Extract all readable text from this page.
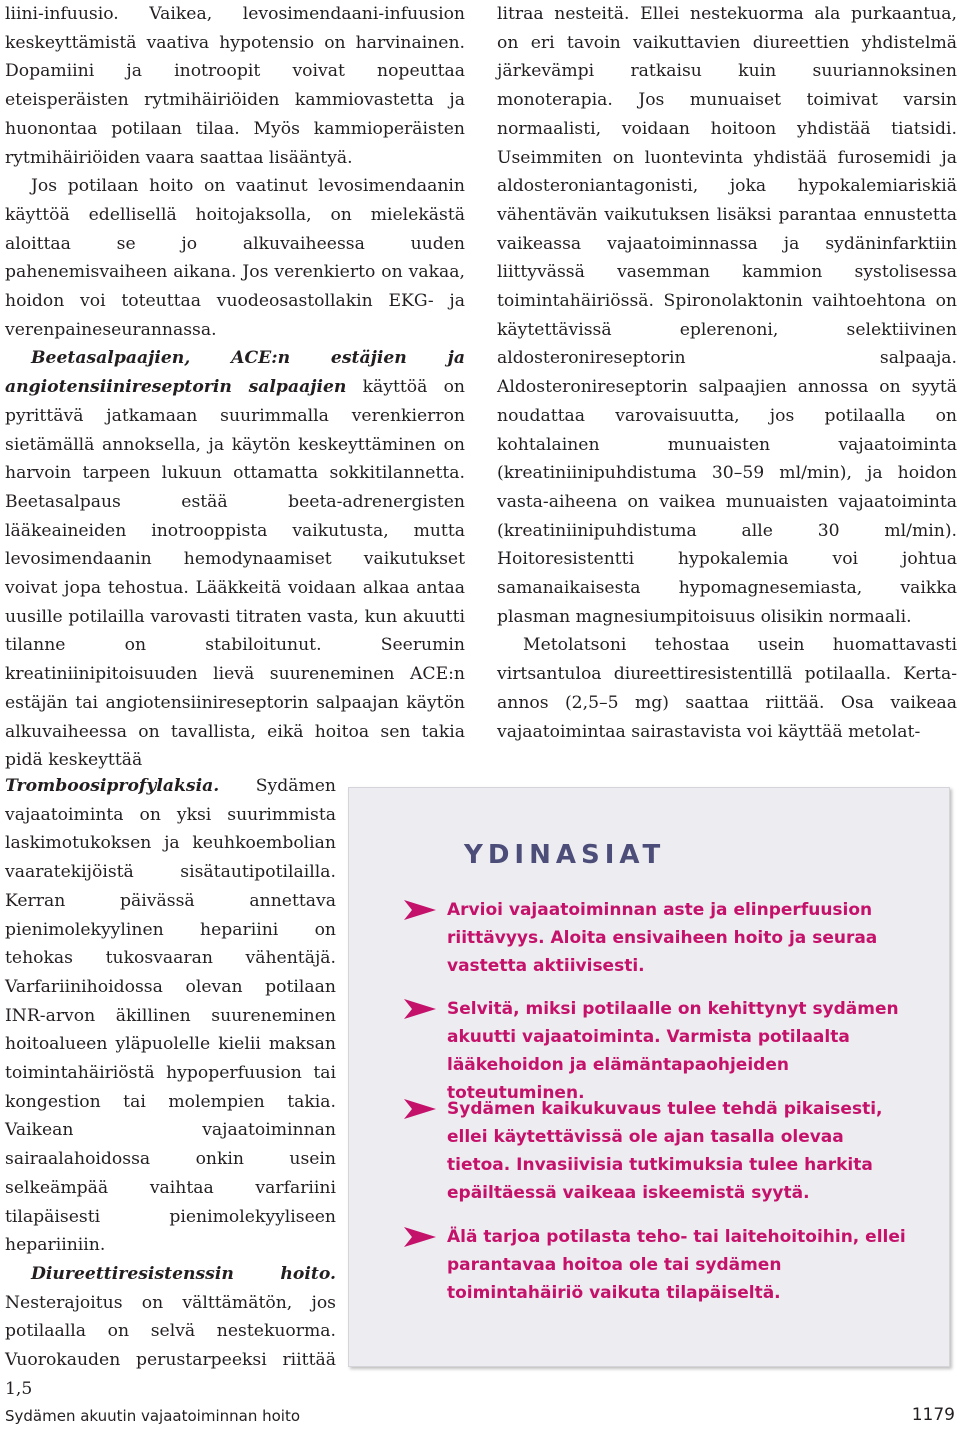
liini-infuusio. Vaikea, levosimendaani-infuusion keskeyttämistä vaativa hypotensio on harvinainen. Dopamiini ja inotroopit voivat nopeuttaa eteisperäisten rytmihäiriöiden kammiovastetta ja huonontaa potilaan tilaa. Myös kammioperäisten rytmihäiriöiden vaara saattaa lisääntyä.

Jos potilaan hoito on vaatinut levosimendaanin käyttöä edellisellä hoitojaksolla, on mielekästä aloittaa se jo alkuvaiheessa uuden pahenemisvaiheen aikana. Jos verenkierto on vakaa, hoidon voi toteuttaa vuodeosastollakin EKG- ja verenpaineseurannassa.

Beetasalpaajien, ACE:n estäjien ja angiotensiinireseptorin salpaajien käyttöä on pyrittävä jatkamaan suurimmalla verenkierron sietämällä annoksella, ja käytön keskeyttäminen on harvoin tarpeen lukuun ottamatta sokkitilannetta. Beetasalpaus estää beeta-adrenergisten lääkeaineiden inotrooppista vaikutusta, mutta levosimendaanin hemodynaamiset vaikutukset voivat jopa tehostua. Lääkkeitä voidaan alkaa antaa uusille potilailla varovasti titraten vasta, kun akuutti tilanne on stabiloitunut. Seerumin kreatiniinipitoisuuden lievä suureneminen ACE:n estäjän tai angiotensiinireseptorin salpaajan käytön alkuvaiheessa on tavallista, eikä hoitoa sen takia pidä keskeyttää

Tromboosiprofylaksia. Sydämen vajaatoiminta on yksi suurimmista laskimotukoksen ja keuhkoembolian vaaratekijöistä sisätautipotilailla. Kerran päivässä annettava pienimolekyylinen hepariini on tehokas tukosvaaran vähentäjä. Varfariinihoidossa olevan potilaan INR-arvon äkillinen suureneminen hoitoalueen yläpuolelle kielii maksan toimintahäiriöstä hypoperfuusion tai kongestion tai molempien takia. Vaikean vajaatoiminnan sairaalahoidossa onkin usein selkeämpää vaihtaa varfariini tilapäisesti pienimolekyyliseen hepariiniin.

Diureettiresistenssin hoito. Nesterajoitus on välttämätön, jos potilaalla on selvä nestekuorma. Vuorokauden perustarpeeksi riittää 1,5

litraa nesteitä. Ellei nestekuorma ala purkaantua, on eri tavoin vaikuttavien diureettien yhdistelmä järkevämpi ratkaisu kuin suuriannoksinen monoterapia. Jos munuaiset toimivat varsin normaalisti, voidaan hoitoon yhdistää tiatsidi. Useimmiten on luontevinta yhdistää furosemidi ja aldosteroniantagonisti, joka hypokalemiariskiä vähentävän vaikutuksen lisäksi parantaa ennustetta vaikeassa vajaatoiminnassa ja sydäninfarktiin liittyvässä vasemman kammion systolisessa toimintahäiriössä. Spironolaktonin vaihtoehtona on käytettävissä eplerenoni, selektiivinen aldosteronireseptorin salpaaja. Aldosteronireseptorin salpaajien annossa on syytä noudattaa varovaisuutta, jos potilaalla on kohtalainen munuaisten vajaatoiminta (kreatiniinipuhdistuma 30–59 ml/min), ja hoidon vasta-aiheena on vaikea munuaisten vajaatoiminta (kreatiniinipuhdistuma alle 30 ml/min). Hoitoresistentti hypokalemia voi johtua samanaikaisesta hypomagnesemiasta, vaikka plasman magnesiumpitoisuus olisikin normaali.

Metolatsoni tehostaa usein huomattavasti virtsantuloa diureettiresistentillä potilaalla. Kerta-annos (2,5–5 mg) saattaa riittää. Osa vaikeaa vajaatoimintaa sairastavista voi käyttää metolat-

YDINASIAT
Arvioi vajaatoiminnan aste ja elinperfuusion riittävyys. Aloita ensivaiheen hoito ja seuraa vastetta aktiivisesti.
Selvitä, miksi potilaalle on kehittynyt sydämen akuutti vajaatoiminta. Varmista potilaalta lääkehoidon ja elämäntapaohjeiden toteutuminen.
Sydämen kaikukuvaus tulee tehdä pikaisesti, ellei käytettävissä ole ajan tasalla olevaa tietoa. Invasiivisia tutkimuksia tulee harkita epäiltäessä vaikeaa iskeemistä syytä.
Älä tarjoa potilasta teho- tai laitehoitoihin, ellei parantavaa hoitoa ole tai sydämen toimintahäiriö vaikuta tilapäiseltä.
Sydämen akuutin vajaatoiminnan hoito	1179
